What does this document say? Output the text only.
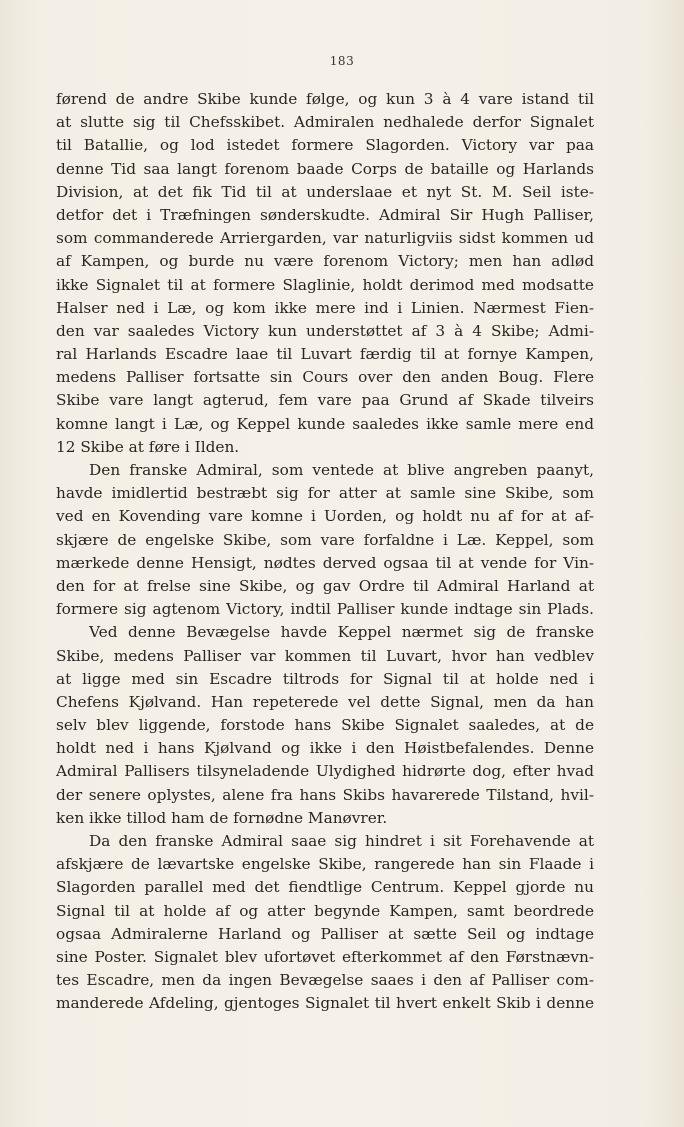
183
førend de andre Skibe kunde følge, og kun 3 à 4 vare istand til
at slutte sig til Chefsskibet. Admiralen nedhalede derfor Signalet
til Batallie, og lod istedet formere Slagorden. Victory var paa
denne Tid saa langt forenom baade Corps de bataille og Harlands
Division, at det fik Tid til at underslaae et nyt St. M. Seil iste-
detfor det i Træfningen sønderskudte. Admiral Sir Hugh Palliser,
som commanderede Arriergarden, var naturligviis sidst kommen ud
af Kampen, og burde nu være forenom Victory; men han adlød
ikke Signalet til at formere Slaglinie, holdt derimod med modsatte
Halser ned i Læ, og kom ikke mere ind i Linien. Nærmest Fien-
den var saaledes Victory kun understøttet af 3 à 4 Skibe; Admi-
ral Harlands Escadre laae til Luvart færdig til at fornye Kampen,
medens Palliser fortsatte sin Cours over den anden Boug. Flere
Skibe vare langt agterud, fem vare paa Grund af Skade tilveirs
komne langt i Læ, og Keppel kunde saaledes ikke samle mere end
12 Skibe at føre i Ilden.
Den franske Admiral, som ventede at blive angreben paanyt,
havde imidlertid bestræbt sig for atter at samle sine Skibe, som
ved en Kovending vare komne i Uorden, og holdt nu af for at af-
skjære de engelske Skibe, som vare forfaldne i Læ. Keppel, som
mærkede denne Hensigt, nødtes derved ogsaa til at vende for Vin-
den for at frelse sine Skibe, og gav Ordre til Admiral Harland at
formere sig agtenom Victory, indtil Palliser kunde indtage sin Plads.
Ved denne Bevægelse havde Keppel nærmet sig de franske
Skibe, medens Palliser var kommen til Luvart, hvor han vedblev
at ligge med sin Escadre tiltrods for Signal til at holde ned i
Chefens Kjølvand. Han repeterede vel dette Signal, men da han
selv blev liggende, forstode hans Skibe Signalet saaledes, at de
holdt ned i hans Kjølvand og ikke i den Høistbefalendes. Denne
Admiral Pallisers tilsyneladende Ulydighed hidrørte dog, efter hvad
der senere oplystes, alene fra hans Skibs havarerede Tilstand, hvil-
ken ikke tillod ham de fornødne Manøvrer.
Da den franske Admiral saae sig hindret i sit Forehavende at
afskjære de lævartske engelske Skibe, rangerede han sin Flaade i
Slagorden parallel med det fiendtlige Centrum. Keppel gjorde nu
Signal til at holde af og atter begynde Kampen, samt beordrede
ogsaa Admiralerne Harland og Palliser at sætte Seil og indtage
sine Poster. Signalet blev ufortøvet efterkommet af den Førstnævn-
tes Escadre, men da ingen Bevægelse saaes i den af Palliser com-
manderede Afdeling, gjentoges Signalet til hvert enkelt Skib i denne
